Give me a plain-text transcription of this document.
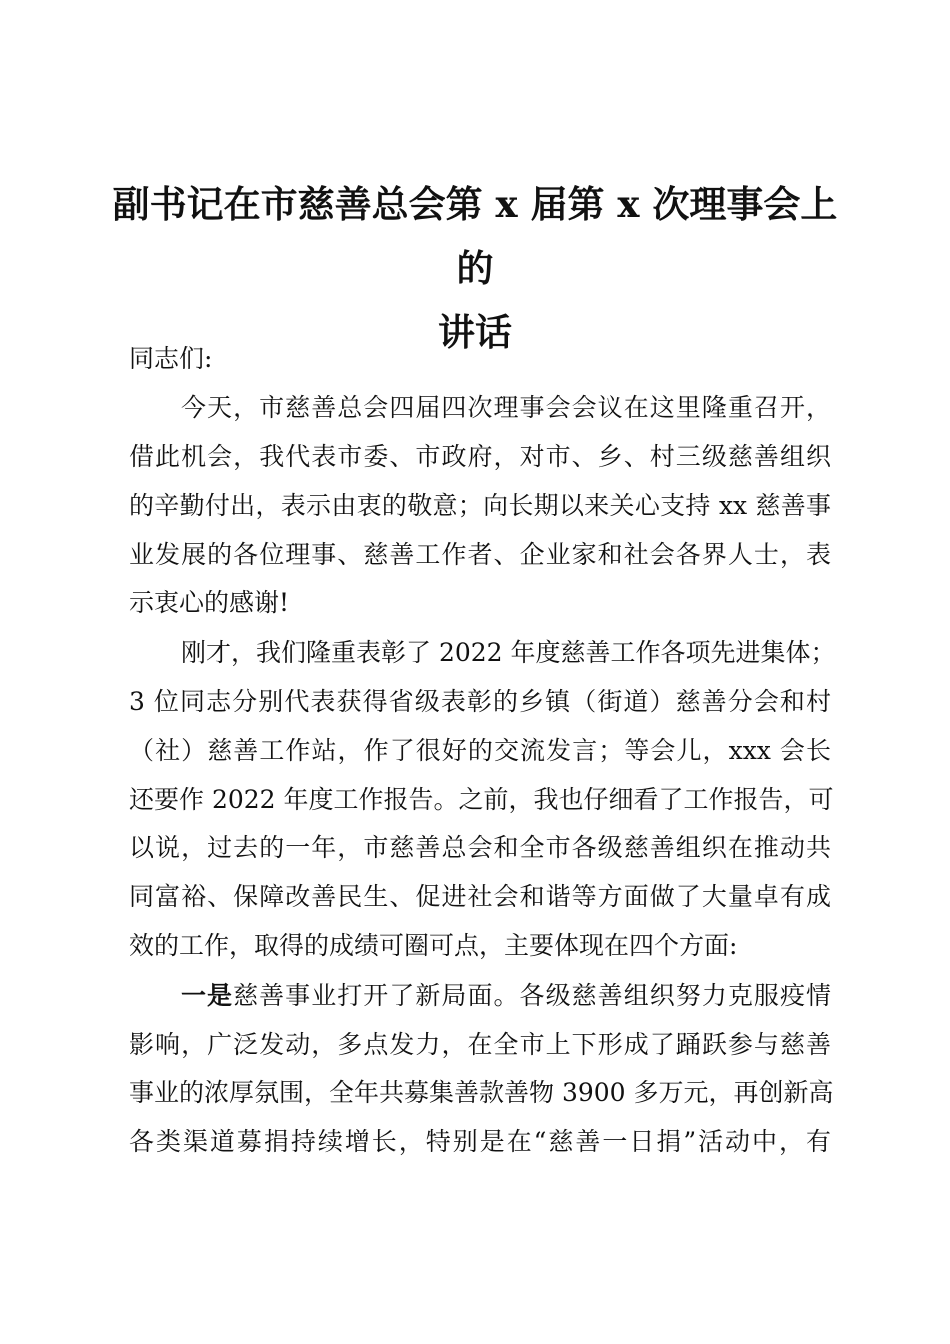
副书记在市慈善总会第 x 届第 x 次理事会上的
讲话

同志们:

今天，市慈善总会四届四次理事会会议在这里隆重召开，
借此机会，我代表市委、市政府，对市、乡、村三级慈善组织
的辛勤付出，表示由衷的敬意；向长期以来关心支持 xx 慈善事
业发展的各位理事、慈善工作者、企业家和社会各界人士，表
示衷心的感谢!
刚才，我们隆重表彰了 2022 年度慈善工作各项先进集体；
3 位同志分别代表获得省级表彰的乡镇（街道）慈善分会和村
（社）慈善工作站，作了很好的交流发言；等会儿，xxx 会长
还要作 2022 年度工作报告。之前，我也仔细看了工作报告，可
以说，过去的一年，市慈善总会和全市各级慈善组织在推动共
同富裕、保障改善民生、促进社会和谐等方面做了大量卓有成
效的工作，取得的成绩可圈可点，主要体现在四个方面:
一是慈善事业打开了新局面。各级慈善组织努力克服疫情
影响，广泛发动，多点发力，在全市上下形成了踊跃参与慈善
事业的浓厚氛围，全年共募集善款善物 3900 多万元，再创新高
各类渠道募捐持续增长，特别是在“慈善一日捐”活动中，有
